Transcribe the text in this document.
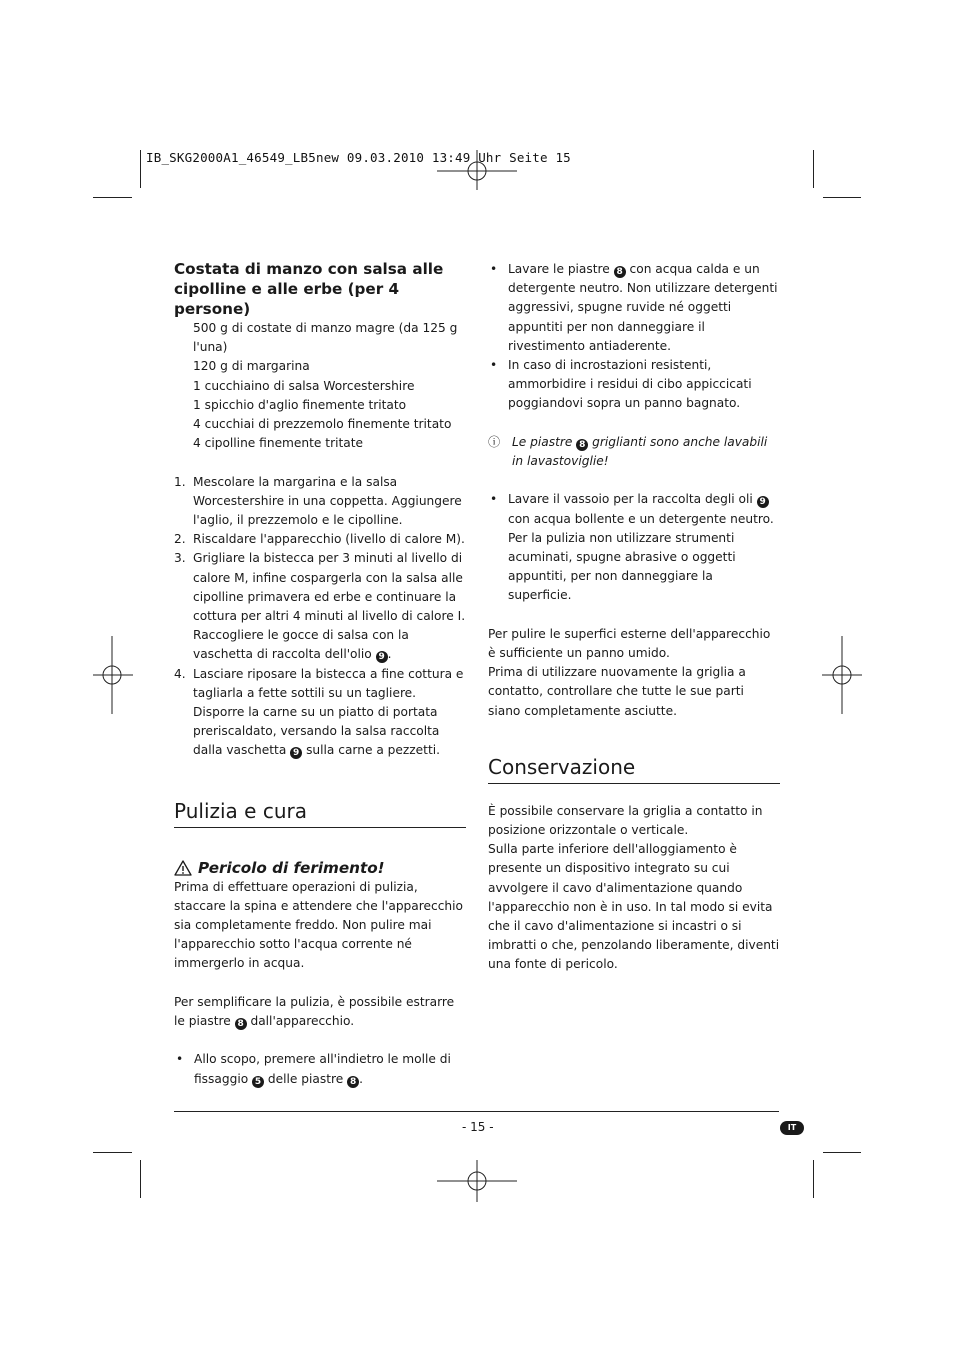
IB_SKG2000A1_46549_LB5new 09.03.2010 13:49 Uhr Seite 15
Costata di manzo con salsa alle cipolline e alle erbe (per 4 persone)

500 g di costate di manzo magre (da 125 g l'una)

120 g di margarina

1 cucchiaino di salsa Worcestershire

1 spicchio d'aglio finemente tritato

4 cucchiai di prezzemolo finemente tritato

4 cipolline finemente tritate

1. Mescolare la margarina e la salsa Worcestershire in una coppetta. Aggiungere l'aglio, il prezzemolo e le cipolline.
2. Riscaldare l'apparecchio (livello di calore M).
3. Grigliare la bistecca per 3 minuti al livello di calore M, infine cospargerla con la salsa alle cipolline primavera ed erbe e continuare la cottura per altri 4 minuti al livello di calore I. Raccogliere le gocce di salsa con la vaschetta di raccolta dell'olio 9 .
4. Lasciare riposare la bistecca a fine cottura e tagliarla a fette sottili su un tagliere. Disporre la carne su un piatto di portata preriscaldato, versando la salsa raccolta dalla vaschetta 9 sulla carne a pezzetti.
Pulizia e cura
Pericolo di ferimento!

Prima di effettuare operazioni di pulizia, staccare la spina e attendere che l'apparecchio sia completamente freddo. Non pulire mai l'apparecchio sotto l'acqua corrente né immergerlo in acqua.

Per semplificare la pulizia, è possibile estrarre le piastre 8 dall'apparecchio.

• Allo scopo, premere all'indietro le molle di fissaggio 5 delle piastre 8 .
• Lavare le piastre 8 con acqua calda e un detergente neutro. Non utilizzare detergenti aggressivi, spugne ruvide né oggetti appuntiti per non danneggiare il rivestimento antiaderente.
• In caso di incrostazioni resistenti, ammorbidire i residui di cibo appiccicati poggiandovi sopra un panno bagnato.
ⓘ Le piastre 8 griglianti sono anche lavabili in lavastoviglie!
• Lavare il vassoio per la raccolta degli oli 9 con acqua bollente e un detergente neutro. Per la pulizia non utilizzare strumenti acuminati, spugne abrasive o oggetti appuntiti, per non danneggiare la superficie.

Per pulire le superfici esterne dell'apparecchio è sufficiente un panno umido.

Prima di utilizzare nuovamente la griglia a contatto, controllare che tutte le sue parti siano completamente asciutte.

Conservazione

È possibile conservare la griglia a contatto in posizione orizzontale o verticale.

Sulla parte inferiore dell'alloggiamento è presente un dispositivo integrato su cui avvolgere il cavo d'alimentazione quando l'apparecchio non è in uso. In tal modo si evita che il cavo d'alimentazione si incastri o si imbratti o che, penzolando liberamente, diventi una fonte di pericolo.

- 15 -	IT
